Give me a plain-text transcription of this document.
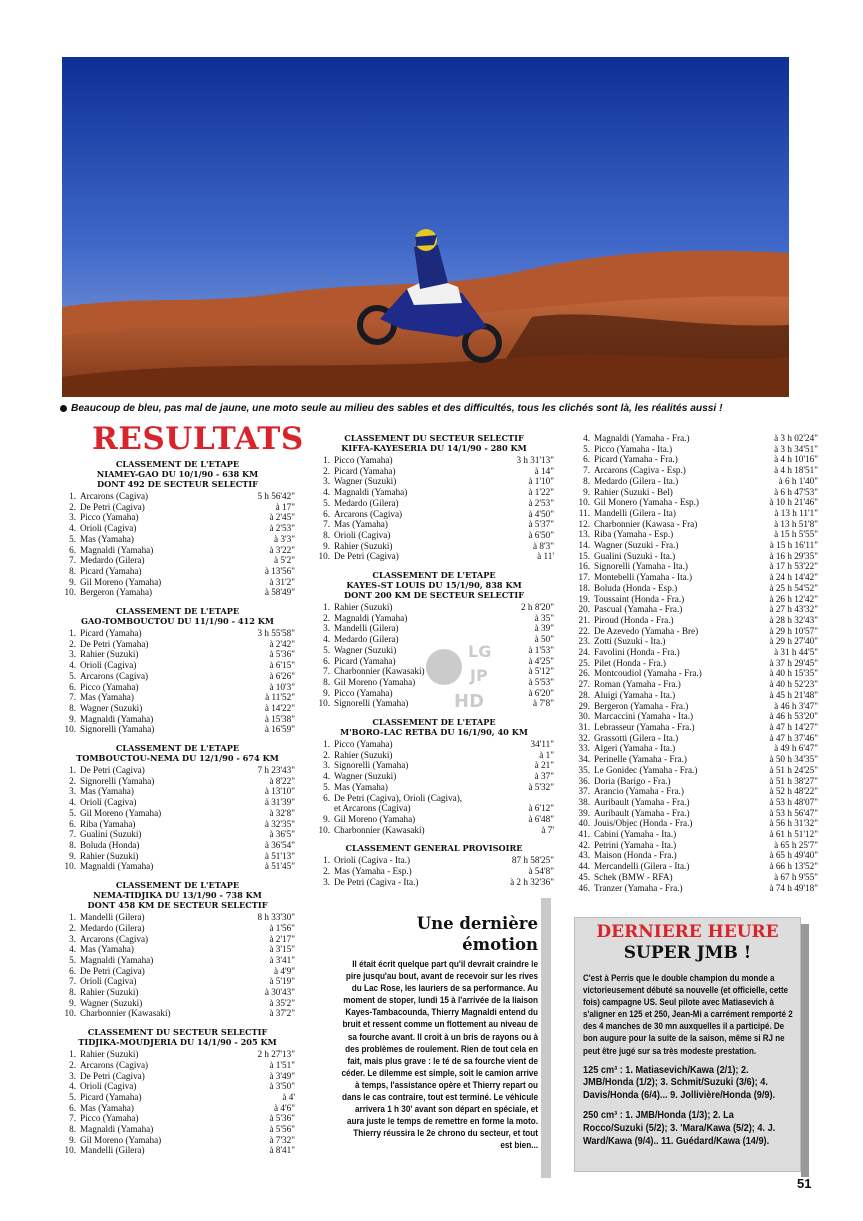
Beaucoup de bleu, pas mal de jaune, une moto seule au milieu des sables et des difficultés, tous les clichés sont là, les réalités aussi !
RESULTATS
CLASSEMENT DE L'ETAPE
NIAMEY-GAO DU 10/1/90 - 638 KM
DONT 492 DE SECTEUR SELECTIF
1. Arcarons (Cagiva)	5 h 56'42"
2. De Petri (Cagiva)	à 17"
3. Picco (Yamaha)	à 2'45"
4. Orioli (Cagiva)	à 2'53"
5. Mas (Yamaha)	à 3'3"
6. Magnaldi (Yamaha)	à 3'22"
7. Medardo (Gilera)	à 5'2"
8. Picard (Yamaha)	à 13'56"
9. Gil Moreno (Yamaha)	à 31'2"
10. Bergeron (Yamaha)	à 58'49"
CLASSEMENT DE L'ETAPE
GAO-TOMBOUCTOU DU 11/1/90 - 412 KM
1. Picard (Yamaha)	3 h 55'58"
2. De Petri (Yamaha)	à 2'42"
3. Rahier (Suzuki)	à 5'36"
4. Orioli (Cagiva)	à 6'15"
5. Arcarons (Cagiva)	à 6'26"
6. Picco (Yamaha)	à 10'3"
7. Mas (Yamaha)	à 11'52"
8. Wagner (Suzuki)	à 14'22"
9. Magnaldi (Yamaha)	à 15'38"
10. Signorelli (Yamaha)	à 16'59"
CLASSEMENT DE L'ETAPE
TOMBOUCTOU-NEMA DU 12/1/90 - 674 KM
1. De Petri (Cagiva)	7 h 23'43"
2. Signorelli (Yamaha)	à 8'22"
3. Mas (Yamaha)	à 13'10"
4. Orioli (Cagiva)	à 31'39"
5. Gil Moreno (Yamaha)	à 32'8"
6. Riba (Yamaha)	à 32'35"
7. Gualini (Suzuki)	à 36'5"
8. Boluda (Honda)	à 36'54"
9. Rahier (Suzuki)	à 51'13"
10. Magnaldi (Yamaha)	à 51'45"
CLASSEMENT DE L'ETAPE
NEMA-TIDJIKA DU 13/1/90 - 738 KM
DONT 458 KM DE SECTEUR SELECTIF
1. Mandelli (Gilera)	8 h 33'30"
2. Medardo (Gilera)	à 1'56"
3. Arcarons (Cagiva)	à 2'17"
4. Mas (Yamaha)	à 3'15"
5. Magnaldi (Yamaha)	à 3'41"
6. De Petri (Cagiva)	à 4'9"
7. Orioli (Cagiva)	à 5'19"
8. Rahier (Suzuki)	à 30'43"
9. Wagner (Suzuki)	à 35'2"
10. Charbonnier (Kawasaki)	à 37'2"
CLASSEMENT DU SECTEUR SELECTIF
TIDJIKA-MOUDJERIA DU 14/1/90 - 205 KM
1. Rahier (Suzuki)	2 h 27'13"
2. Arcarons (Cagiva)	à 1'51"
3. De Petri (Cagiva)	à 3'49"
4. Orioli (Cagiva)	à 3'50"
5. Picard (Yamaha)	à 4'
6. Mas (Yamaha)	à 4'6"
7. Picco (Yamaha)	à 5'36"
8. Magnaldi (Yamaha)	à 5'56"
9. Gil Moreno (Yamaha)	à 7'32"
10. Mandelli (Gilera)	à 8'41"
CLASSEMENT DU SECTEUR SELECTIF
KIFFA-KAYESERIA DU 14/1/90 - 280 KM
1. Picco (Yamaha)	3 h 31'13"
2. Picard (Yamaha)	à 14"
3. Wagner (Suzuki)	à 1'10"
4. Magnaldi (Yamaha)	à 1'22"
5. Medardo (Gilera)	à 2'53"
6. Arcarons (Cagiva)	à 4'50"
7. Mas (Yamaha)	à 5'37"
8. Orioli (Cagiva)	à 6'50"
9. Rahier (Suzuki)	à 8'3"
10. De Petri (Cagiva)	à 11'
CLASSEMENT DE L'ETAPE
KAYES-ST LOUIS DU 15/1/90, 838 KM
DONT 200 KM DE SECTEUR SELECTIF
1. Rahier (Suzuki)	2 h 8'20"
2. Magnaldi (Yamaha)	à 35"
3. Mandelli (Gilera)	à 39"
4. Medardo (Gilera)	à 50"
5. Wagner (Suzuki)	à 1'53"
6. Picard (Yamaha)	à 4'25"
7. Charbonnier (Kawasaki)	à 5'12"
8. Gil Moreno (Yamaha)	à 5'53"
9. Picco (Yamaha)	à 6'20"
10. Signorelli (Yamaha)	à 7'8"
CLASSEMENT DE L'ETAPE
M'BORO-LAC RETBA DU 16/1/90, 40 KM
1. Picco (Yamaha)	34'11"
2. Rahier (Suzuki)	à 1"
3. Signorelli (Yamaha)	à 21"
4. Wagner (Suzuki)	à 37"
5. Mas (Yamaha)	à 5'32"
6. De Petri (Cagiva), Orioli (Cagiva),
et Arcarons (Cagiva)	à 6'12"
9. Gil Moreno (Yamaha)	à 6'48"
10. Charbonnier (Kawasaki)	à 7'
CLASSEMENT GENERAL PROVISOIRE
1. Orioli (Cagiva - Ita.)	87 h 58'25"
2. Mas (Yamaha - Esp.)	à 54'8"
3. De Petri (Cagiva - Ita.)	à 2 h 32'36"
4. Magnaldi (Yamaha - Fra.)	à 3 h 02'24"
5. Picco (Yamaha - Ita.)	à 3 h 34'51"
6. Picard (Yamaha - Fra.)	à 4 h 10'16"
7. Arcarons (Cagiva - Esp.)	à 4 h 18'51"
8. Medardo (Gilera - Ita.)	à 6 h 1'40"
9. Rahier (Suzuki - Bel)	à 6 h 47'53"
10. Gil Monero (Yamaha - Esp.)	à 10 h 21'46"
11. Mandelli (Gilera - Ita)	à 13 h 11'1"
12. Charbonnier (Kawasa - Fra)	à 13 h 51'8"
13. Riba (Yamaha - Esp.)	à 15 h 5'55"
14. Wagner (Suzuki - Fra.)	à 15 h 16'11"
15. Gualini (Suzuki - Ita.)	à 16 h 29'35"
16. Signorelli (Yamaha - Ita.)	à 17 h 53'22"
17. Montebelli (Yamaha - Ita.)	à 24 h 14'42"
18. Boluda (Honda - Esp.)	à 25 h 54'52"
19. Toussaint (Honda - Fra.)	à 26 h 12'42"
20. Pascual (Yamaha - Fra.)	à 27 h 43'32"
21. Piroud (Honda - Fra.)	à 28 h 32'43"
22. De Azevedo (Yamaha - Bre)	à 29 h 10'57"
23. Zotti (Suzuki - Ita.)	à 29 h 27'40"
24. Favolini (Honda - Fra.)	à 31 h 44'5"
25. Pilet (Honda - Fra.)	à 37 h 29'45"
26. Montcoudiol (Yamaha - Fra.)	à 40 h 15'35"
27. Roman (Yamaha - Fra.)	à 40 h 52'23"
28. Aluigi (Yamaha - Ita.)	à 45 h 21'48"
29. Bergeron (Yamaha - Fra.)	à 46 h 3'47"
30. Marcaccini (Yamaha - Ita.)	à 46 h 53'20"
31. Lebrasseur (Yamaha - Fra.)	à 47 h 14'27"
32. Grassotti (Gilera - Ita.)	à 47 h 37'46"
33. Algeri (Yamaha - Ita.)	à 49 h 6'47"
34. Perinelle (Yamaha - Fra.)	à 50 h 34'35"
35. Le Gonidec (Yamaha - Fra.)	à 51 h 24'25"
36. Doria (Barigo - Fra.)	à 51 h 38'27"
37. Arancio (Yamaha - Fra.)	à 52 h 48'22"
38. Auribault (Yamaha - Fra.)	à 53 h 48'07"
39. Auribault (Yamaha - Fra.)	à 53 h 56'47"
40. Jouis/Objec (Honda - Fra.)	à 56 h 31'32"
41. Cabini (Yamaha - Ita.)	à 61 h 51'12"
42. Petrini (Yamaha - Ita.)	à 65 h 25'7"
43. Maison (Honda - Fra.)	à 65 h 49'40"
44. Mercandelli (Gilera - Ita.)	à 66 h 13'52"
45. Schek (BMW - RFA)	à 67 h 9'55"
46. Tranzer (Yamaha - Fra.)	à 74 h 49'18"
LG
JP
HD
Une dernière
émotion

Il était écrit quelque part qu'il devrait craindre le pire jusqu'au bout, avant de recevoir sur les rives du Lac Rose, les lauriers de sa performance. Au moment de stoper, lundi 15 à l'arrivée de la liaison Kayes-Tambacounda, Thierry Magnaldi entend du bruit et ressent comme un flottement au niveau de sa fourche avant. Il croit à un bris de rayons ou à des problèmes de roulement. Rien de tout cela en fait, mais plus grave : le té de sa fourche vient de céder. Le dilemme est simple, soit le camion arrive à temps, l'assistance opère et Thierry repart ou dans le cas contraire, tout est terminé. Le véhicule arrivera 1 h 30' avant son départ en spéciale, et aura juste le temps de remettre en forme la moto. Thierry réussira le 2e chrono du secteur, et tout est bien...

DERNIERE HEURE
SUPER JMB !

C'est à Perris que le double champion du monde a victorieusement débuté sa nouvelle (et officielle, cette fois) campagne US. Seul pilote avec Matiasevich à s'aligner en 125 et 250, Jean-Mi a carrément remporté 2 des 4 manches de 30 mn auxquelles il a participé. De bon augure pour la suite de la saison, même si RJ ne peut être jugé sur sa très modeste prestation.

125 cm³ : 1. Matiasevich/Kawa (2/1); 2. JMB/Honda (1/2); 3. Schmit/Suzuki (3/6); 4. Davis/Honda (6/4)... 9. Jollivière/Honda (9/9).

250 cm³ : 1. JMB/Honda (1/3); 2. La Rocco/Suzuki (5/2); 3. 'Mara/Kawa (5/2); 4. J. Ward/Kawa (9/4).. 11. Guédard/Kawa (14/9).

51
